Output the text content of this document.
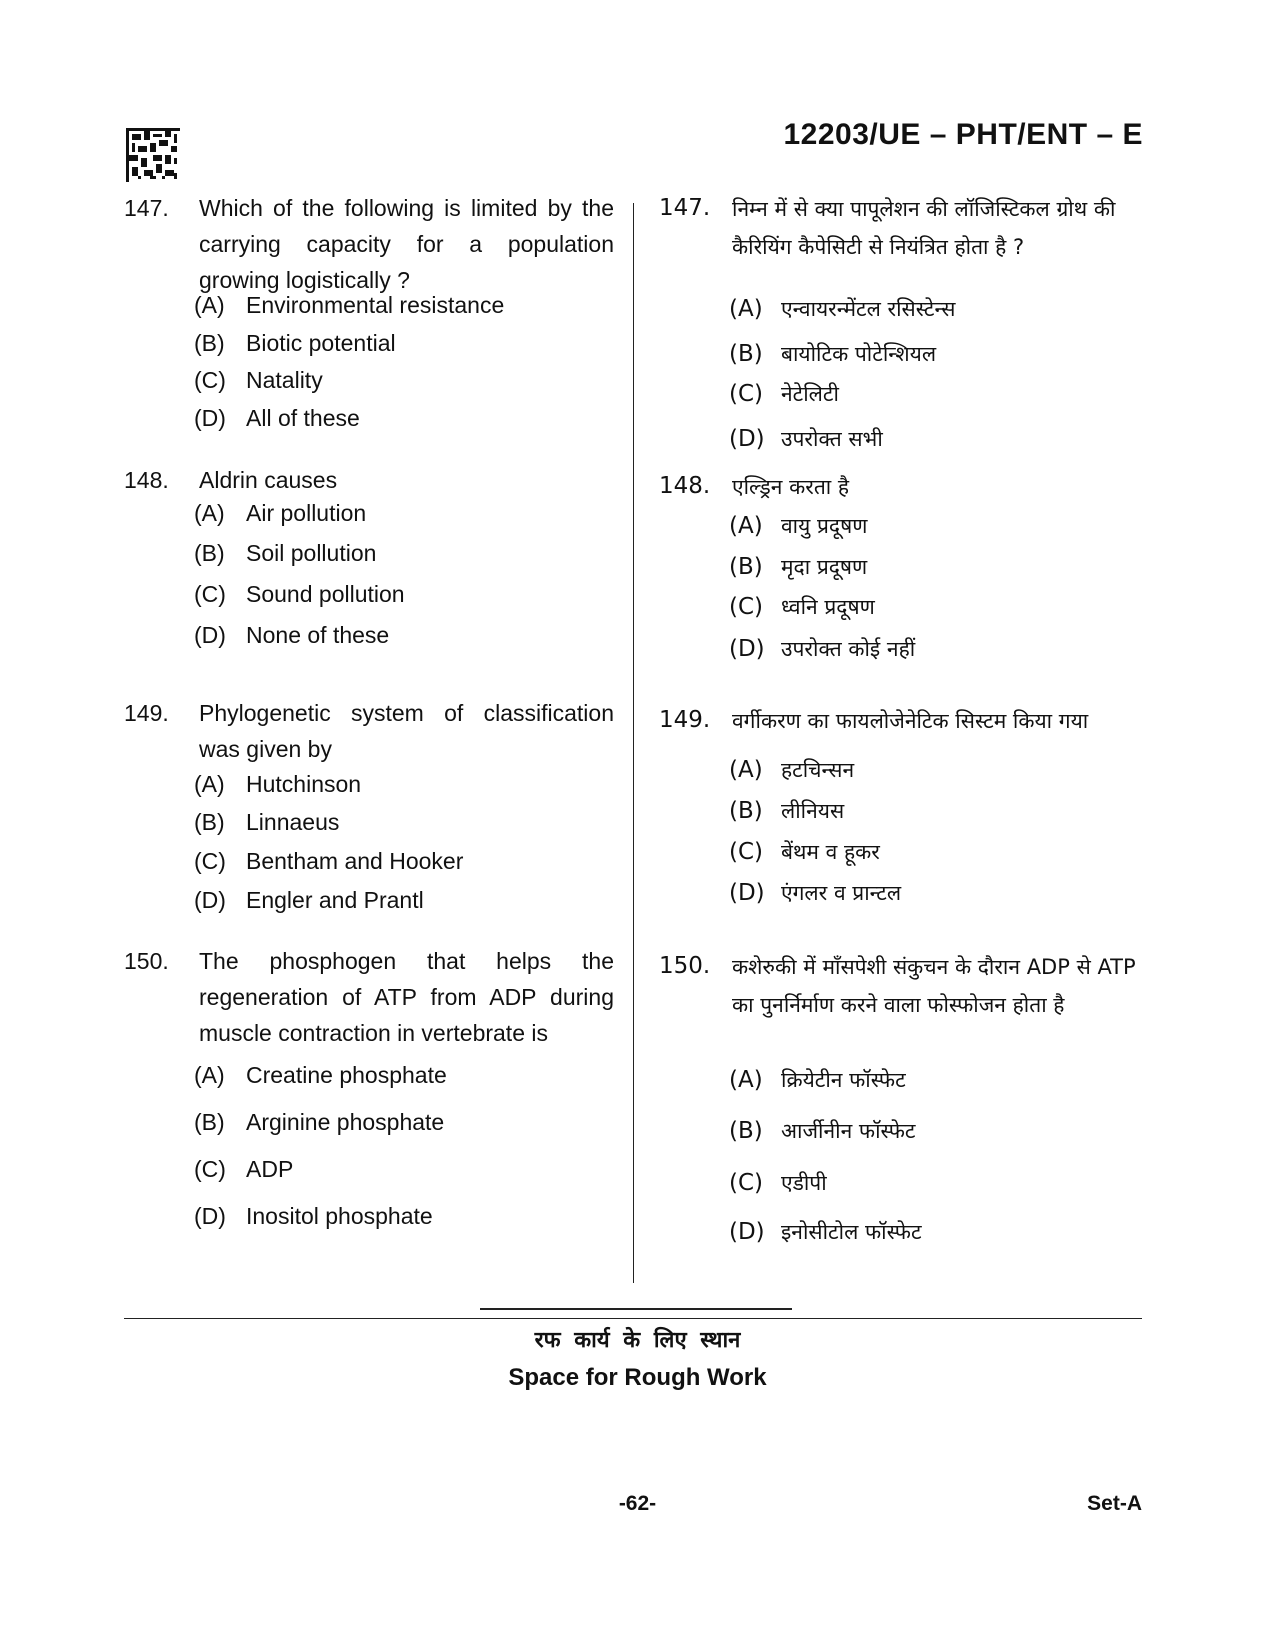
12203/UE – PHT/ENT – E
147. Which of the following is limited by the carrying capacity for a population growing logistically ?
(A) Environmental resistance
(B) Biotic potential
(C) Natality
(D) All of these
148. Aldrin causes
(A) Air pollution
(B) Soil pollution
(C) Sound pollution
(D) None of these
149. Phylogenetic system of classification was given by
(A) Hutchinson
(B) Linnaeus
(C) Bentham and Hooker
(D) Engler and Prantl
150. The phosphogen that helps the regeneration of ATP from ADP during muscle contraction in vertebrate is
(A) Creatine phosphate
(B) Arginine phosphate
(C) ADP
(D) Inositol phosphate
147. निम्न में से क्या पापूलेशन की लॉजिस्टिकल ग्रोथ की कैरियिंग कैपेसिटी से नियंत्रित होता है ?
(A) एन्वायरन्मेंटल रसिस्टेन्स
(B) बायोटिक पोटेन्शियल
(C) नेटेलिटी
(D) उपरोक्त सभी
148. एल्ड्रिन करता है
(A) वायु प्रदूषण
(B) मृदा प्रदूषण
(C) ध्वनि प्रदूषण
(D) उपरोक्त कोई नहीं
149. वर्गीकरण का फायलोजेनेटिक सिस्टम किया गया
(A) हटचिन्सन
(B) लीनियस
(C) बेंथम व हूकर
(D) एंगलर व प्रान्टल
150. कशेरुकी में माँसपेशी संकुचन के दौरान ADP से ATP का पुनर्निर्माण करने वाला फोस्फोजन होता है
(A) क्रियेटीन फॉस्फेट
(B) आर्जीनीन फॉस्फेट
(C) एडीपी
(D) इनोसीटोल फॉस्फेट
रफ कार्य के लिए स्थान
Space for Rough Work
-62-	Set-A
